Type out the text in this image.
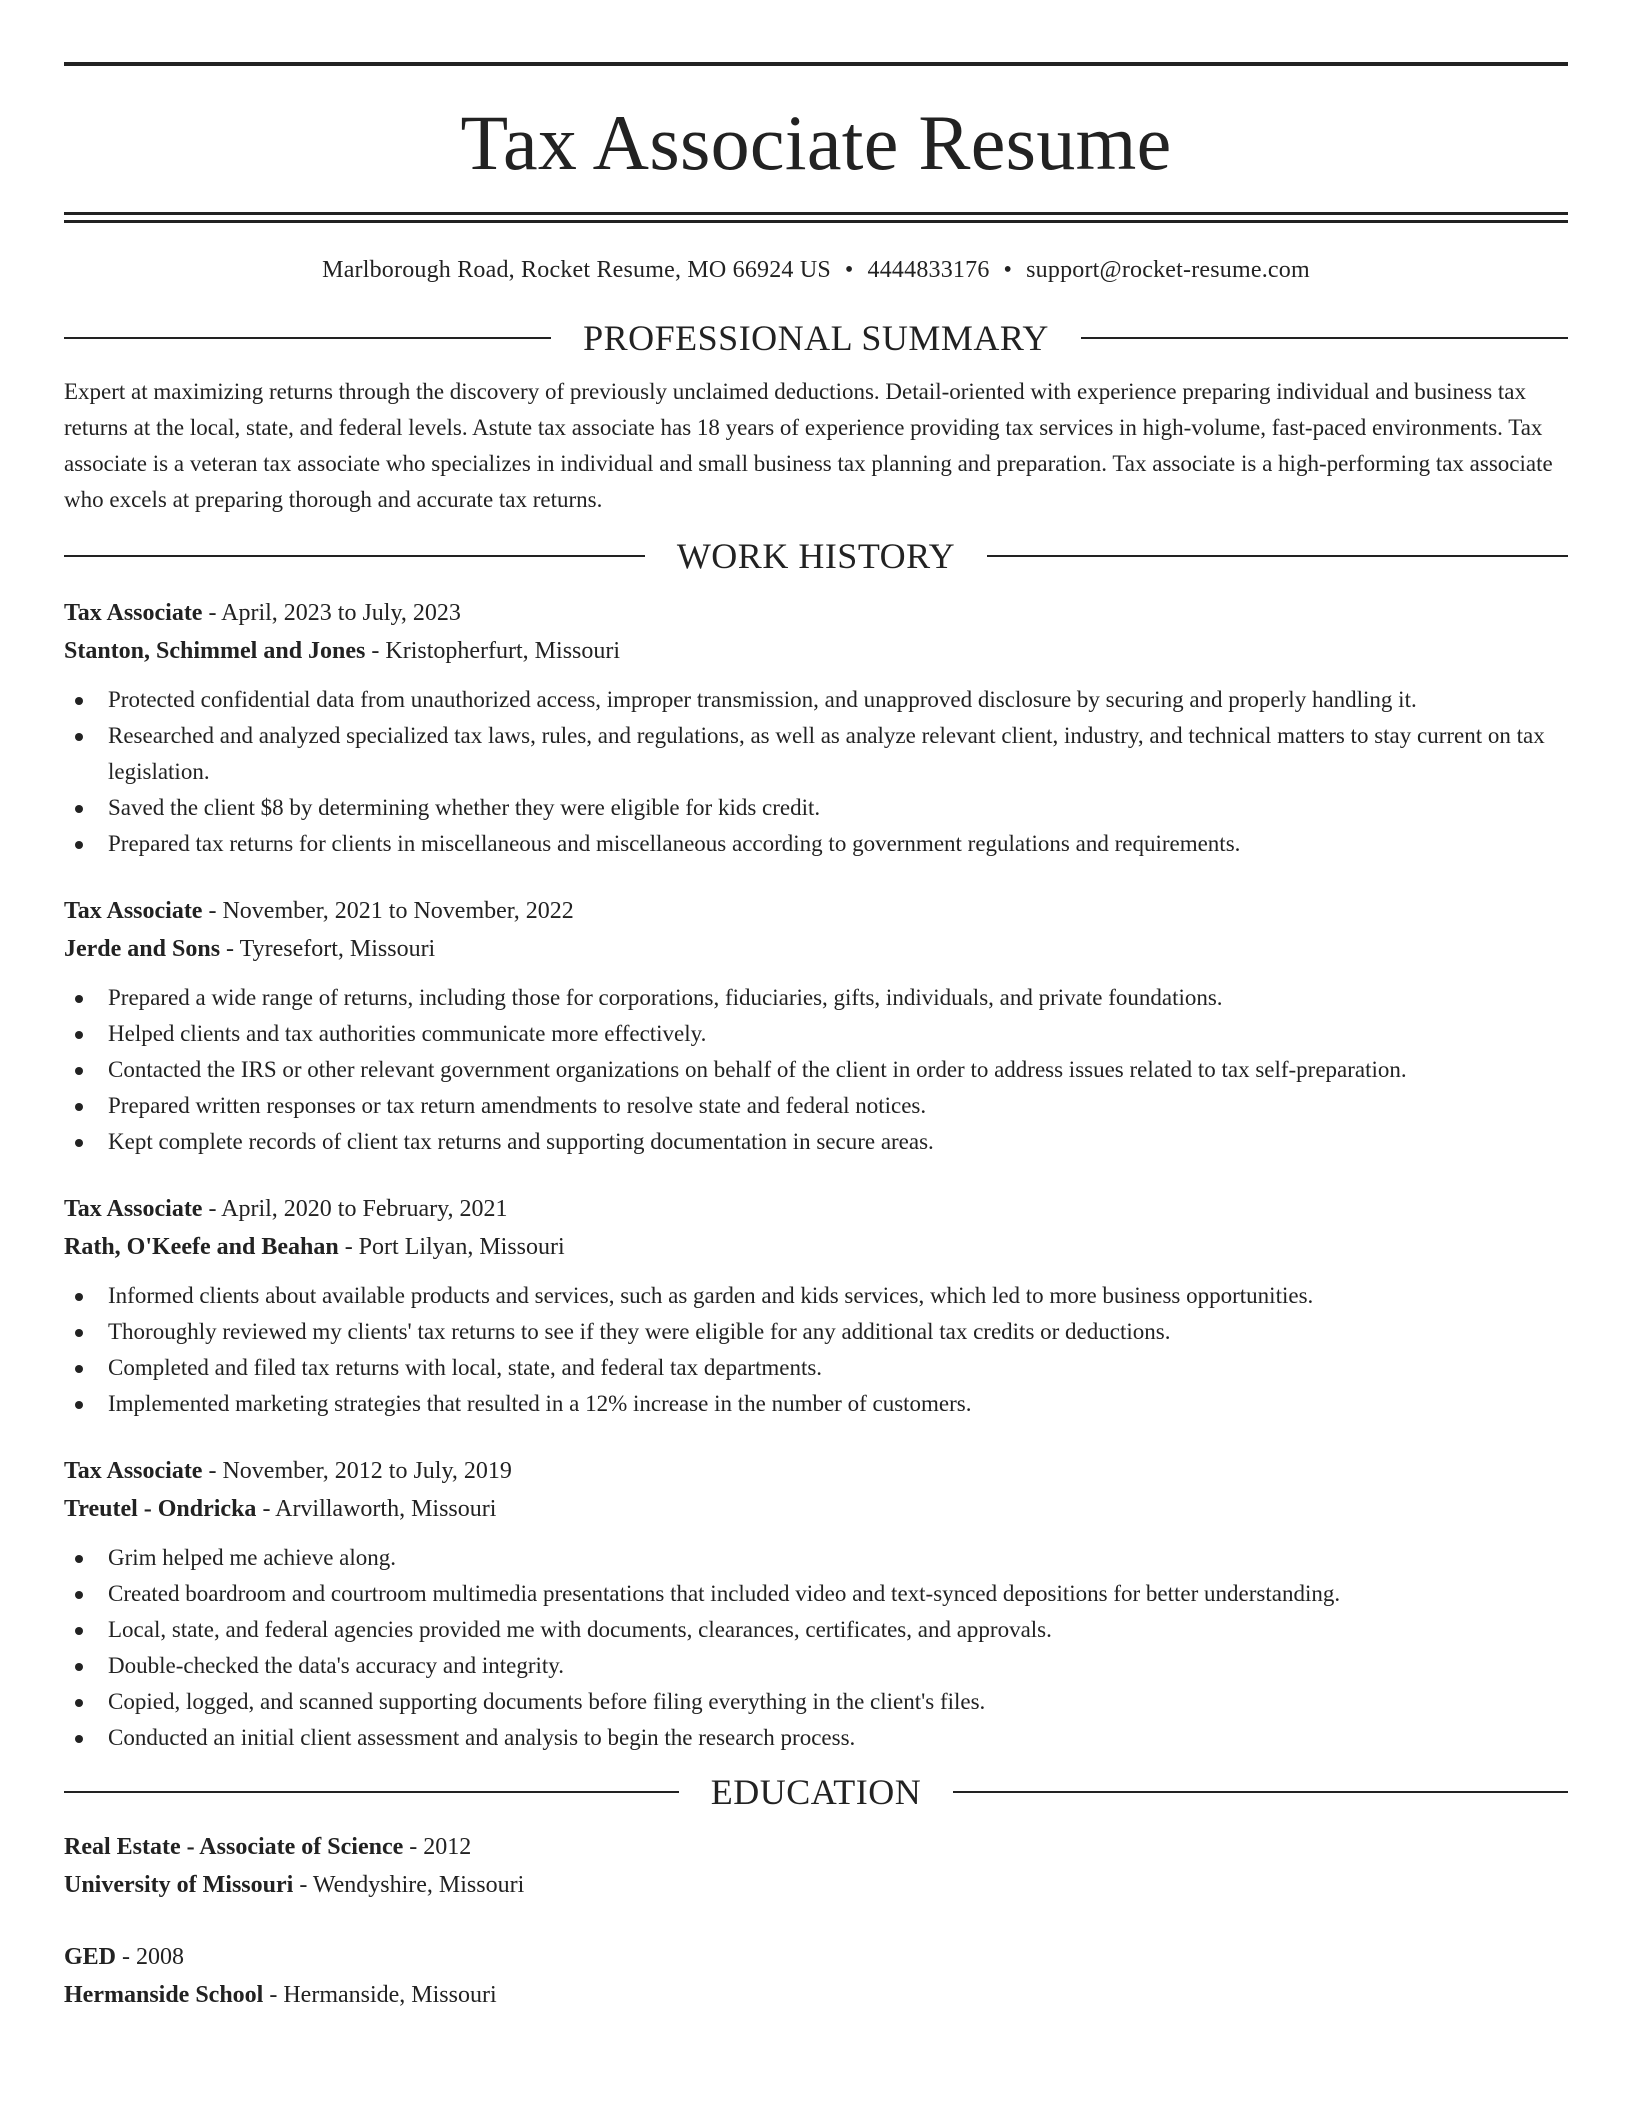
Tax Associate Resume
Marlborough Road, Rocket Resume, MO 66924 US • 4444833176 • support@rocket-resume.com
PROFESSIONAL SUMMARY

Expert at maximizing returns through the discovery of previously unclaimed deductions. Detail-oriented with experience preparing individual and business tax returns at the local, state, and federal levels. Astute tax associate has 18 years of experience providing tax services in high-volume, fast-paced environments. Tax associate is a veteran tax associate who specializes in individual and small business tax planning and preparation. Tax associate is a high-performing tax associate who excels at preparing thorough and accurate tax returns.

WORK HISTORY
Tax Associate - April, 2023 to July, 2023
Stanton, Schimmel and Jones - Kristopherfurt, Missouri
Protected confidential data from unauthorized access, improper transmission, and unapproved disclosure by securing and properly handling it.
Researched and analyzed specialized tax laws, rules, and regulations, as well as analyze relevant client, industry, and technical matters to stay current on tax legislation.
Saved the client $8 by determining whether they were eligible for kids credit.
Prepared tax returns for clients in miscellaneous and miscellaneous according to government regulations and requirements.
Tax Associate - November, 2021 to November, 2022
Jerde and Sons - Tyresefort, Missouri
Prepared a wide range of returns, including those for corporations, fiduciaries, gifts, individuals, and private foundations.
Helped clients and tax authorities communicate more effectively.
Contacted the IRS or other relevant government organizations on behalf of the client in order to address issues related to tax self-preparation.
Prepared written responses or tax return amendments to resolve state and federal notices.
Kept complete records of client tax returns and supporting documentation in secure areas.
Tax Associate - April, 2020 to February, 2021
Rath, O'Keefe and Beahan - Port Lilyan, Missouri
Informed clients about available products and services, such as garden and kids services, which led to more business opportunities.
Thoroughly reviewed my clients' tax returns to see if they were eligible for any additional tax credits or deductions.
Completed and filed tax returns with local, state, and federal tax departments.
Implemented marketing strategies that resulted in a 12% increase in the number of customers.
Tax Associate - November, 2012 to July, 2019
Treutel - Ondricka - Arvillaworth, Missouri
Grim helped me achieve along.
Created boardroom and courtroom multimedia presentations that included video and text-synced depositions for better understanding.
Local, state, and federal agencies provided me with documents, clearances, certificates, and approvals.
Double-checked the data's accuracy and integrity.
Copied, logged, and scanned supporting documents before filing everything in the client's files.
Conducted an initial client assessment and analysis to begin the research process.
EDUCATION
Real Estate - Associate of Science - 2012
University of Missouri - Wendyshire, Missouri
GED - 2008
Hermanside School - Hermanside, Missouri
